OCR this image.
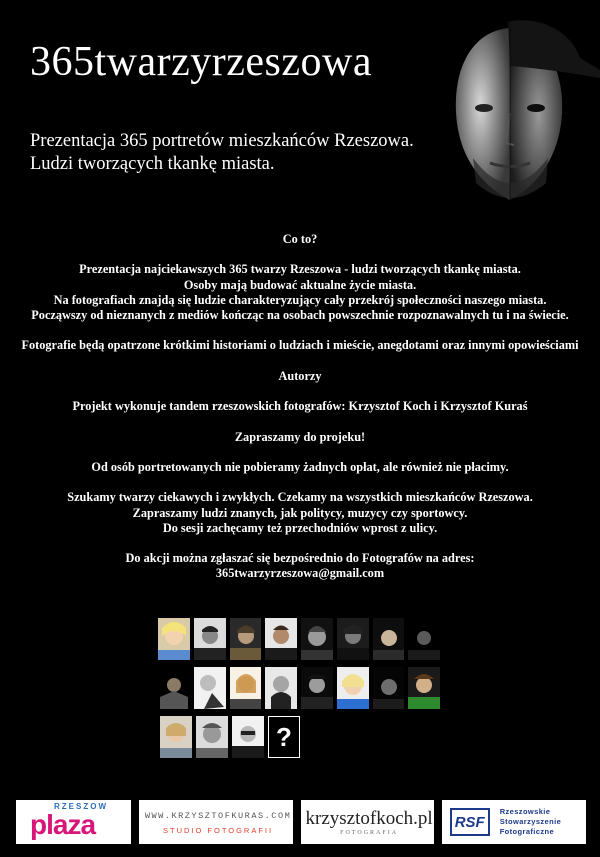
365twarzyrzeszowa
Prezentacja 365 portretów mieszkańców Rzeszowa.
Ludzi tworzących tkankę miasta.

Co to?

Prezentacja najciekawszych 365 twarzy Rzeszowa - ludzi tworzących tkankę miasta.
Osoby mają budować aktualne życie miasta.
Na fotografiach znajdą się ludzie charakteryzujący cały przekrój społeczności naszego miasta.
Począwszy od nieznanych z mediów kończąc na osobach powszechnie rozpoznawalnych tu i na świecie.

Fotografie będą opatrzone krótkimi historiami o ludziach i mieście, anegdotami oraz innymi opowieściami

Autorzy

Projekt wykonuje tandem rzeszowskich fotografów: Krzysztof Koch i Krzysztof Kuraś

Zapraszamy do projeku!

Od osób portretowanych nie pobieramy żadnych opłat, ale również nie płacimy.

Szukamy twarzy ciekawych i zwykłych. Czekamy na wszystkich mieszkańców Rzeszowa.
Zapraszamy ludzi znanych, jak politycy, muzycy czy sportowcy.
Do sesji zachęcamy też przechodniów wprost z ulicy.

Do akcji można zgłaszać się bezpośrednio do Fotografów na adres:
365twarzyrzeszowa@gmail.com

?
RZESZOW
plaza	WWW.KRZYSZTOFKURAS.COM
STUDIO FOTOGRAFII
krzysztofkoch.pl
FOTOGRAFIA
RSF
Rzeszowskie
Stowarzyszenie
Fotograficzne
